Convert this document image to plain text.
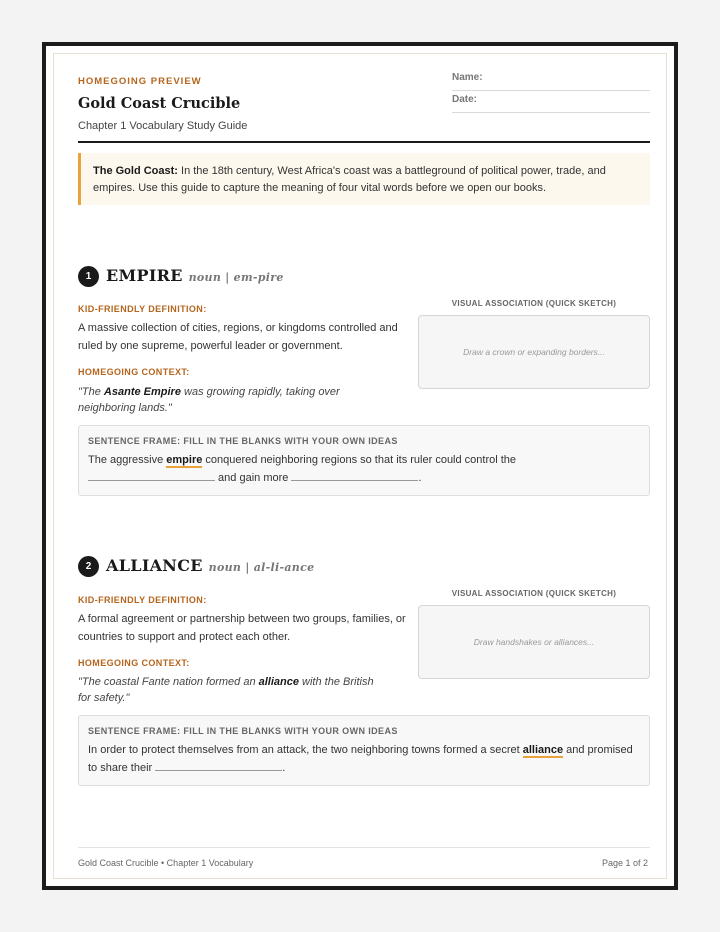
HOMEGOING PREVIEW
Gold Coast Crucible
Chapter 1 Vocabulary Study Guide
Name:
Date:
The Gold Coast: In the 18th century, West Africa's coast was a battleground of political power, trade, and empires. Use this guide to capture the meaning of four vital words before we open our books.
1 EMPIRE noun | em-pire
KID-FRIENDLY DEFINITION:
A massive collection of cities, regions, or kingdoms controlled and ruled by one supreme, powerful leader or government.
HOMEGOING CONTEXT:
"The Asante Empire was growing rapidly, taking over neighboring lands."
VISUAL ASSOCIATION (QUICK SKETCH)
Draw a crown or expanding borders...
SENTENCE FRAME: FILL IN THE BLANKS WITH YOUR OWN IDEAS
The aggressive empire conquered neighboring regions so that its ruler could control the  and gain more	.
2 ALLIANCE noun | al-li-ance
KID-FRIENDLY DEFINITION:
A formal agreement or partnership between two groups, families, or countries to support and protect each other.
HOMEGOING CONTEXT:
"The coastal Fante nation formed an alliance with the British for safety."
VISUAL ASSOCIATION (QUICK SKETCH)
Draw handshakes or alliances...
SENTENCE FRAME: FILL IN THE BLANKS WITH YOUR OWN IDEAS
In order to protect themselves from an attack, the two neighboring towns formed a secret alliance and promised to share their	.
Gold Coast Crucible • Chapter 1 Vocabulary	Page 1 of 2
